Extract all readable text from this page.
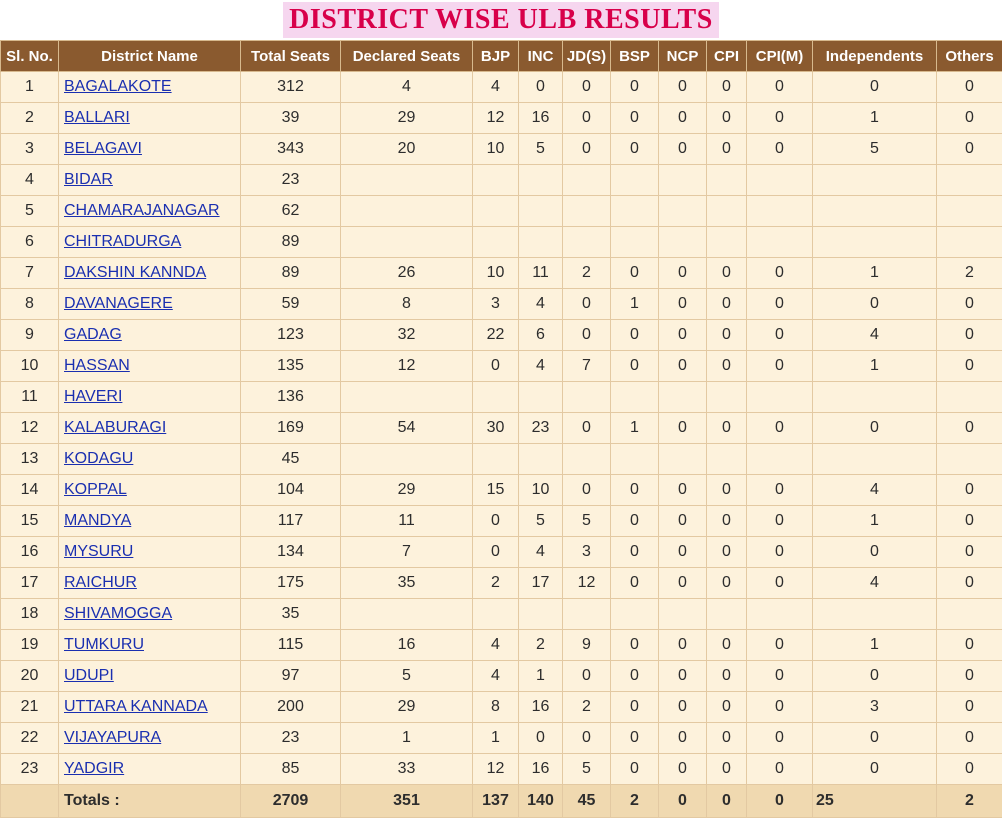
DISTRICT WISE ULB RESULTS
Sl. No.	District Name	Total Seats	Declared Seats	BJP	INC	JD(S)	BSP	NCP	CPI	CPI(M)	Independents	Others
1	BAGALAKOTE	312	4	4	0	0	0	0	0	0	0	0
2	BALLARI	39	29	12	16	0	0	0	0	0	1	0
3	BELAGAVI	343	20	10	5	0	0	0	0	0	5	0
4	BIDAR	23										
5	CHAMARAJANAGAR	62										
6	CHITRADURGA	89										
7	DAKSHIN KANNDA	89	26	10	11	2	0	0	0	0	1	2
8	DAVANAGERE	59	8	3	4	0	1	0	0	0	0	0
9	GADAG	123	32	22	6	0	0	0	0	0	4	0
10	HASSAN	135	12	0	4	7	0	0	0	0	1	0
11	HAVERI	136										
12	KALABURAGI	169	54	30	23	0	1	0	0	0	0	0
13	KODAGU	45										
14	KOPPAL	104	29	15	10	0	0	0	0	0	4	0
15	MANDYA	117	11	0	5	5	0	0	0	0	1	0
16	MYSURU	134	7	0	4	3	0	0	0	0	0	0
17	RAICHUR	175	35	2	17	12	0	0	0	0	4	0
18	SHIVAMOGGA	35										
19	TUMKURU	115	16	4	2	9	0	0	0	0	1	0
20	UDUPI	97	5	4	1	0	0	0	0	0	0	0
21	UTTARA KANNADA	200	29	8	16	2	0	0	0	0	3	0
22	VIJAYAPURA	23	1	1	0	0	0	0	0	0	0	0
23	YADGIR	85	33	12	16	5	0	0	0	0	0	0
	Totals :	2709	351	137	140	45	2	0	0	0	25	2
